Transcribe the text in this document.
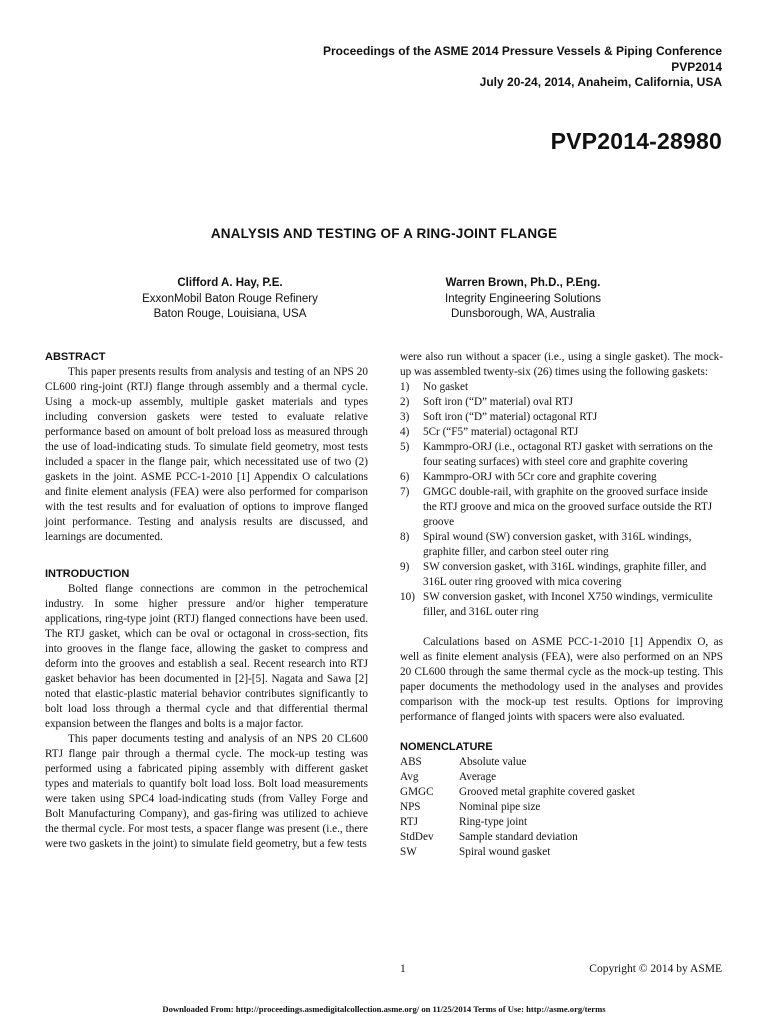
Proceedings of the ASME 2014 Pressure Vessels & Piping Conference
PVP2014
July 20-24, 2014, Anaheim, California, USA
PVP2014-28980
ANALYSIS AND TESTING OF A RING-JOINT FLANGE
Clifford A. Hay, P.E.
ExxonMobil Baton Rouge Refinery
Baton Rouge, Louisiana, USA
Warren Brown, Ph.D., P.Eng.
Integrity Engineering Solutions
Dunsborough, WA, Australia
ABSTRACT

This paper presents results from analysis and testing of an NPS 20 CL600 ring-joint (RTJ) flange through assembly and a thermal cycle. Using a mock-up assembly, multiple gasket materials and types including conversion gaskets were tested to evaluate relative performance based on amount of bolt preload loss as measured through the use of load-indicating studs. To simulate field geometry, most tests included a spacer in the flange pair, which necessitated use of two (2) gaskets in the joint. ASME PCC-1-2010 [1] Appendix O calculations and finite element analysis (FEA) were also performed for comparison with the test results and for evaluation of options to improve flanged joint performance. Testing and analysis results are discussed, and learnings are documented.

INTRODUCTION

Bolted flange connections are common in the petrochemical industry. In some higher pressure and/or higher temperature applications, ring-type joint (RTJ) flanged connections have been used. The RTJ gasket, which can be oval or octagonal in cross-section, fits into grooves in the flange face, allowing the gasket to compress and deform into the grooves and establish a seal. Recent research into RTJ gasket behavior has been documented in [2]-[5]. Nagata and Sawa [2] noted that elastic-plastic material behavior contributes significantly to bolt load loss through a thermal cycle and that differential thermal expansion between the flanges and bolts is a major factor.

This paper documents testing and analysis of an NPS 20 CL600 RTJ flange pair through a thermal cycle. The mock-up testing was performed using a fabricated piping assembly with different gasket types and materials to quantify bolt load loss. Bolt load measurements were taken using SPC4 load-indicating studs (from Valley Forge and Bolt Manufacturing Company), and gas-firing was utilized to achieve the thermal cycle. For most tests, a spacer flange was present (i.e., there were two gaskets in the joint) to simulate field geometry, but a few tests

were also run without a spacer (i.e., using a single gasket). The mock-up was assembled twenty-six (26) times using the following gaskets:

1)	No gasket
2)	Soft iron (“D” material) oval RTJ
3)	Soft iron (“D” material) octagonal RTJ
4)	5Cr (“F5” material) octagonal RTJ
5)	Kammpro-ORJ (i.e., octagonal RTJ gasket with serrations on the four seating surfaces) with steel core and graphite covering
6)	Kammpro-ORJ with 5Cr core and graphite covering
7)	GMGC double-rail, with graphite on the grooved surface inside the RTJ groove and mica on the grooved surface outside the RTJ groove
8)	Spiral wound (SW) conversion gasket, with 316L windings, graphite filler, and carbon steel outer ring
9)	SW conversion gasket, with 316L windings, graphite filler, and 316L outer ring grooved with mica covering
10) SW conversion gasket, with Inconel X750 windings, vermiculite filler, and 316L outer ring

Calculations based on ASME PCC-1-2010 [1] Appendix O, as well as finite element analysis (FEA), were also performed on an NPS 20 CL600 through the same thermal cycle as the mock-up testing. This paper documents the methodology used in the analyses and provides comparison with the mock-up test results. Options for improving performance of flanged joints with spacers were also evaluated.

NOMENCLATURE
ABS	Absolute value
Avg	Average
GMGC	Grooved metal graphite covered gasket
NPS	Nominal pipe size
RTJ	Ring-type joint
StdDev	Sample standard deviation
SW	Spiral wound gasket
1	Copyright © 2014 by ASME
Downloaded From: http://proceedings.asmedigitalcollection.asme.org/ on 11/25/2014 Terms of Use: http://asme.org/terms
